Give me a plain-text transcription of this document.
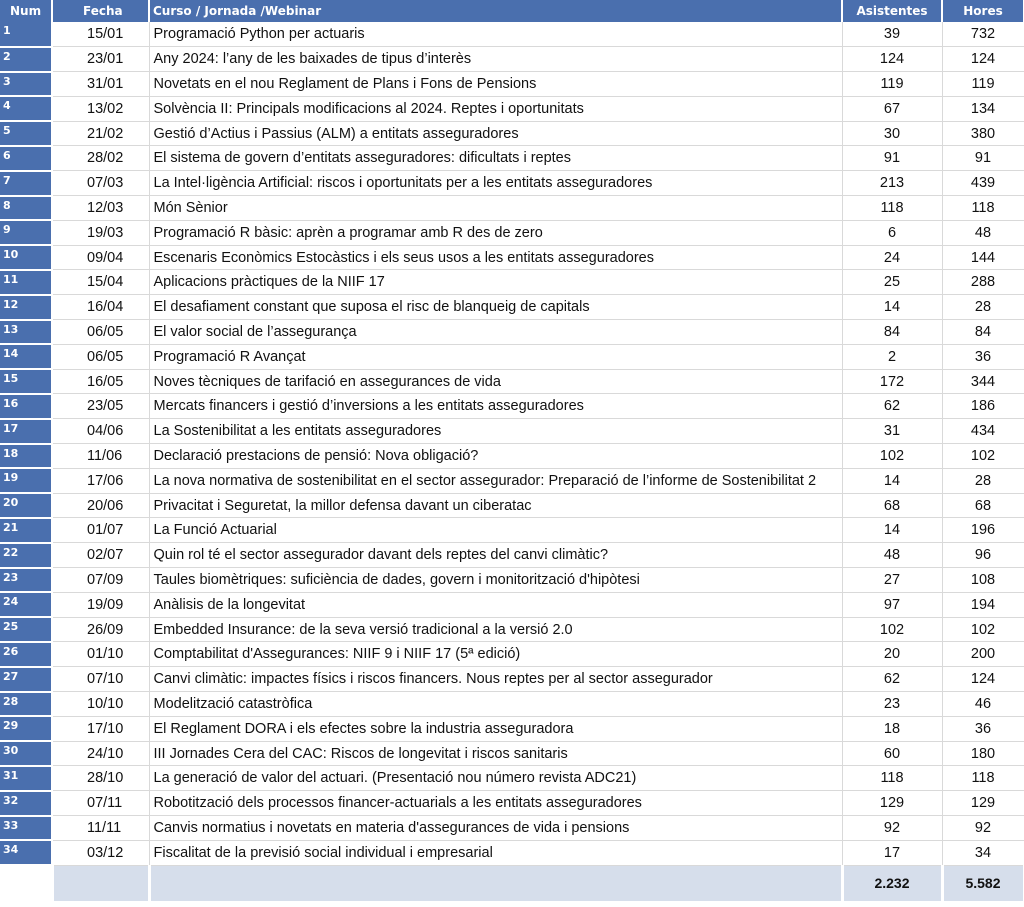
Num	Fecha	Curso / Jornada /Webinar	Asistentes	Hores
1	15/01	Programació Python per actuaris	39	732
2	23/01	Any 2024: l’any de les baixades de tipus d’interès	124	124
3	31/01	Novetats en el nou Reglament de Plans i Fons de Pensions	119	119
4	13/02	Solvència II: Principals modificacions al 2024. Reptes i oportunitats	67	134
5	21/02	Gestió d’Actius i Passius (ALM) a entitats asseguradores	30	380
6	28/02	El sistema de govern d’entitats asseguradores: dificultats i reptes	91	91
7	07/03	La Intel·ligència Artificial: riscos i oportunitats per a les entitats asseguradores	213	439
8	12/03	Món Sènior	118	118
9	19/03	Programació R bàsic: aprèn a programar amb R des de zero	6	48
10	09/04	Escenaris Econòmics Estocàstics i els seus usos a les entitats asseguradores	24	144
11	15/04	Aplicacions pràctiques de la NIIF 17	25	288
12	16/04	El desafiament constant que suposa el risc de blanqueig de capitals	14	28
13	06/05	El valor social de l’assegurança	84	84
14	06/05	Programació R Avançat	2	36
15	16/05	Noves tècniques de tarifació en assegurances de vida	172	344
16	23/05	Mercats financers i gestió d’inversions a les entitats asseguradores	62	186
17	04/06	La Sostenibilitat a les entitats asseguradores	31	434
18	11/06	Declaració prestacions de pensió: Nova obligació?	102	102
19	17/06	La nova normativa de sostenibilitat en el sector assegurador: Preparació de l’informe de Sostenibilitat 2	14	28
20	20/06	Privacitat i Seguretat, la millor defensa davant un ciberatac	68	68
21	01/07	La Funció Actuarial	14	196
22	02/07	Quin rol té el sector assegurador davant dels reptes del canvi climàtic?	48	96
23	07/09	Taules biomètriques: suficiència de dades, govern i monitorització d'hipòtesi	27	108
24	19/09	Anàlisis de la longevitat	97	194
25	26/09	Embedded Insurance: de la seva versió tradicional a la versió 2.0	102	102
26	01/10	Comptabilitat d'Assegurances: NIIF 9 i NIIF 17 (5ª edició)	20	200
27	07/10	Canvi climàtic: impactes físics i riscos financers. Nous reptes per al sector assegurador	62	124
28	10/10	Modelització catastròfica	23	46
29	17/10	El Reglament DORA i els efectes sobre la industria asseguradora	18	36
30	24/10	III Jornades Cera del CAC: Riscos de longevitat i riscos sanitaris	60	180
31	28/10	La generació de valor del actuari. (Presentació nou número revista ADC21)	118	118
32	07/11	Robotització dels processos financer-actuarials a les entitats asseguradores	129	129
33	11/11	Canvis normatius i novetats en materia d'assegurances de vida i pensions	92	92
34	03/12	Fiscalitat de la previsió social individual i empresarial	17	34
			2.232	5.582
